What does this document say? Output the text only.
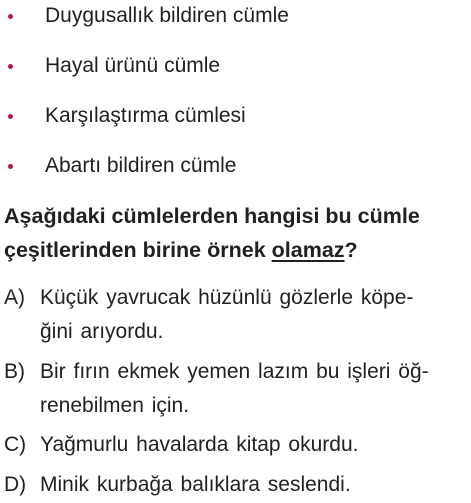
Duygusallık bildiren cümle
Hayal ürünü cümle
Karşılaştırma cümlesi
Abartı bildiren cümle
Aşağıdaki cümlelerden hangisi bu cümle
çeşitlerinden birine örnek olamaz?
A) Küçük yavrucak hüzünlü gözlerle köpe-
ğini arıyordu.
B) Bir fırın ekmek yemen lazım bu işleri öğ-
renebilmen için.
C) Yağmurlu havalarda kitap okurdu.
D) Minik kurbağa balıklara seslendi.
